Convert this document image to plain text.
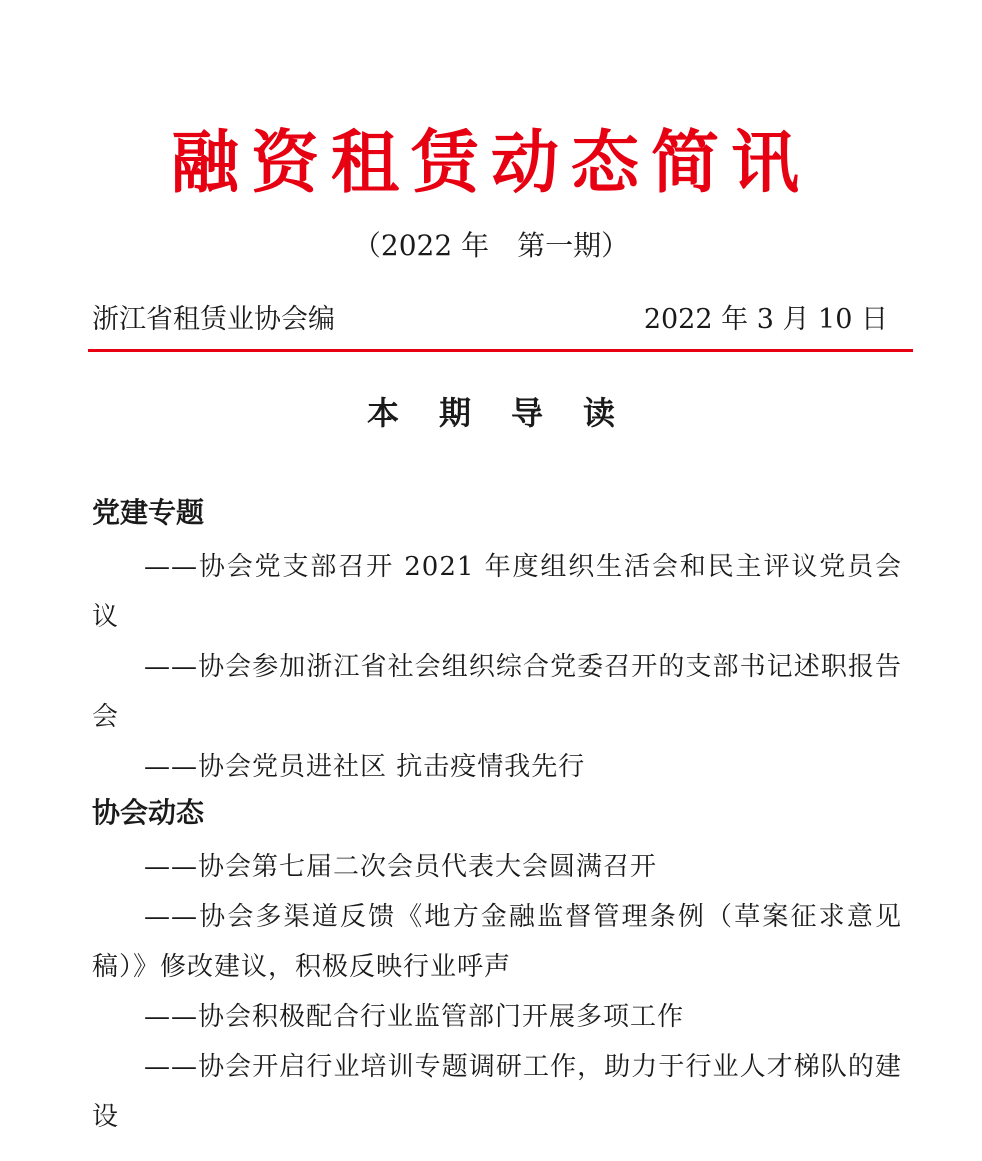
融资租赁动态简讯
（2022 年　第一期）
浙江省租赁业协会编	2022 年 3 月 10 日
本期导读
党建专题

——协会党支部召开 2021 年度组织生活会和民主评议党员会议

——协会参加浙江省社会组织综合党委召开的支部书记述职报告会

——协会党员进社区 抗击疫情我先行

协会动态

——协会第七届二次会员代表大会圆满召开

——协会多渠道反馈《地方金融监督管理条例（草案征求意见稿）》修改建议，积极反映行业呼声

——协会积极配合行业监管部门开展多项工作

——协会开启行业培训专题调研工作，助力于行业人才梯队的建设
